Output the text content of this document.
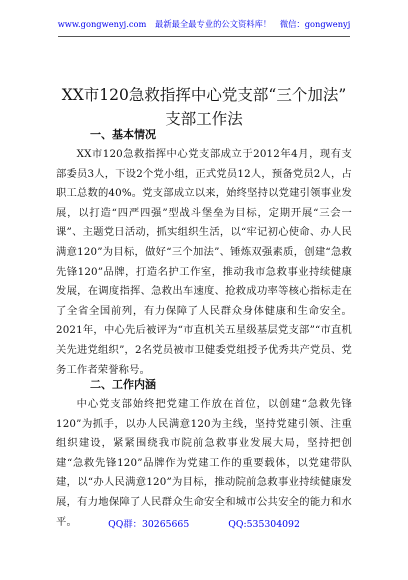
www.gongwenyj.com 最新最全最专业的公文资料库！ 微信：gongwenyj
XX市120急救指挥中心党支部“三个加法”
支部工作法
一、基本情况

XX市120急救指挥中心党支部成立于2012年4月，现有支部委员3人，下设2个党小组，正式党员12人，预备党员2人，占职工总数的40%。党支部成立以来，始终坚持以党建引领事业发展，以打造“四严四强”型战斗堡垒为目标，定期开展“三会一课”、主题党日活动，抓实组织生活，以“牢记初心使命、办人民满意120”为目标，做好“三个加法”、锤炼双强素质，创建“急救先锋120”品牌，打造名护工作室，推动我市急救事业持续健康发展，在调度指挥、急救出车速度、抢救成功率等核心指标走在了全省全国前列，有力保障了人民群众身体健康和生命安全。2021年，中心先后被评为“市直机关五星级基层党支部”“市直机关先进党组织”，2名党员被市卫健委党组授予优秀共产党员、党务工作者荣誉称号。

二、工作内涵

中心党支部始终把党建工作放在首位，以创建“急救先锋120”为抓手，以办人民满意120为主线，坚持党建引领、注重组织建设，紧紧围绕我市院前急救事业发展大局，坚持把创建“急救先锋120”品牌作为党建工作的重要载体，以党建带队建，以“办人民满意120”为目标，推动院前急救事业持续健康发展，有力地保障了人民群众生命安全和城市公共安全的能力和水平。	QQ群：30265665	QQ:535304092
